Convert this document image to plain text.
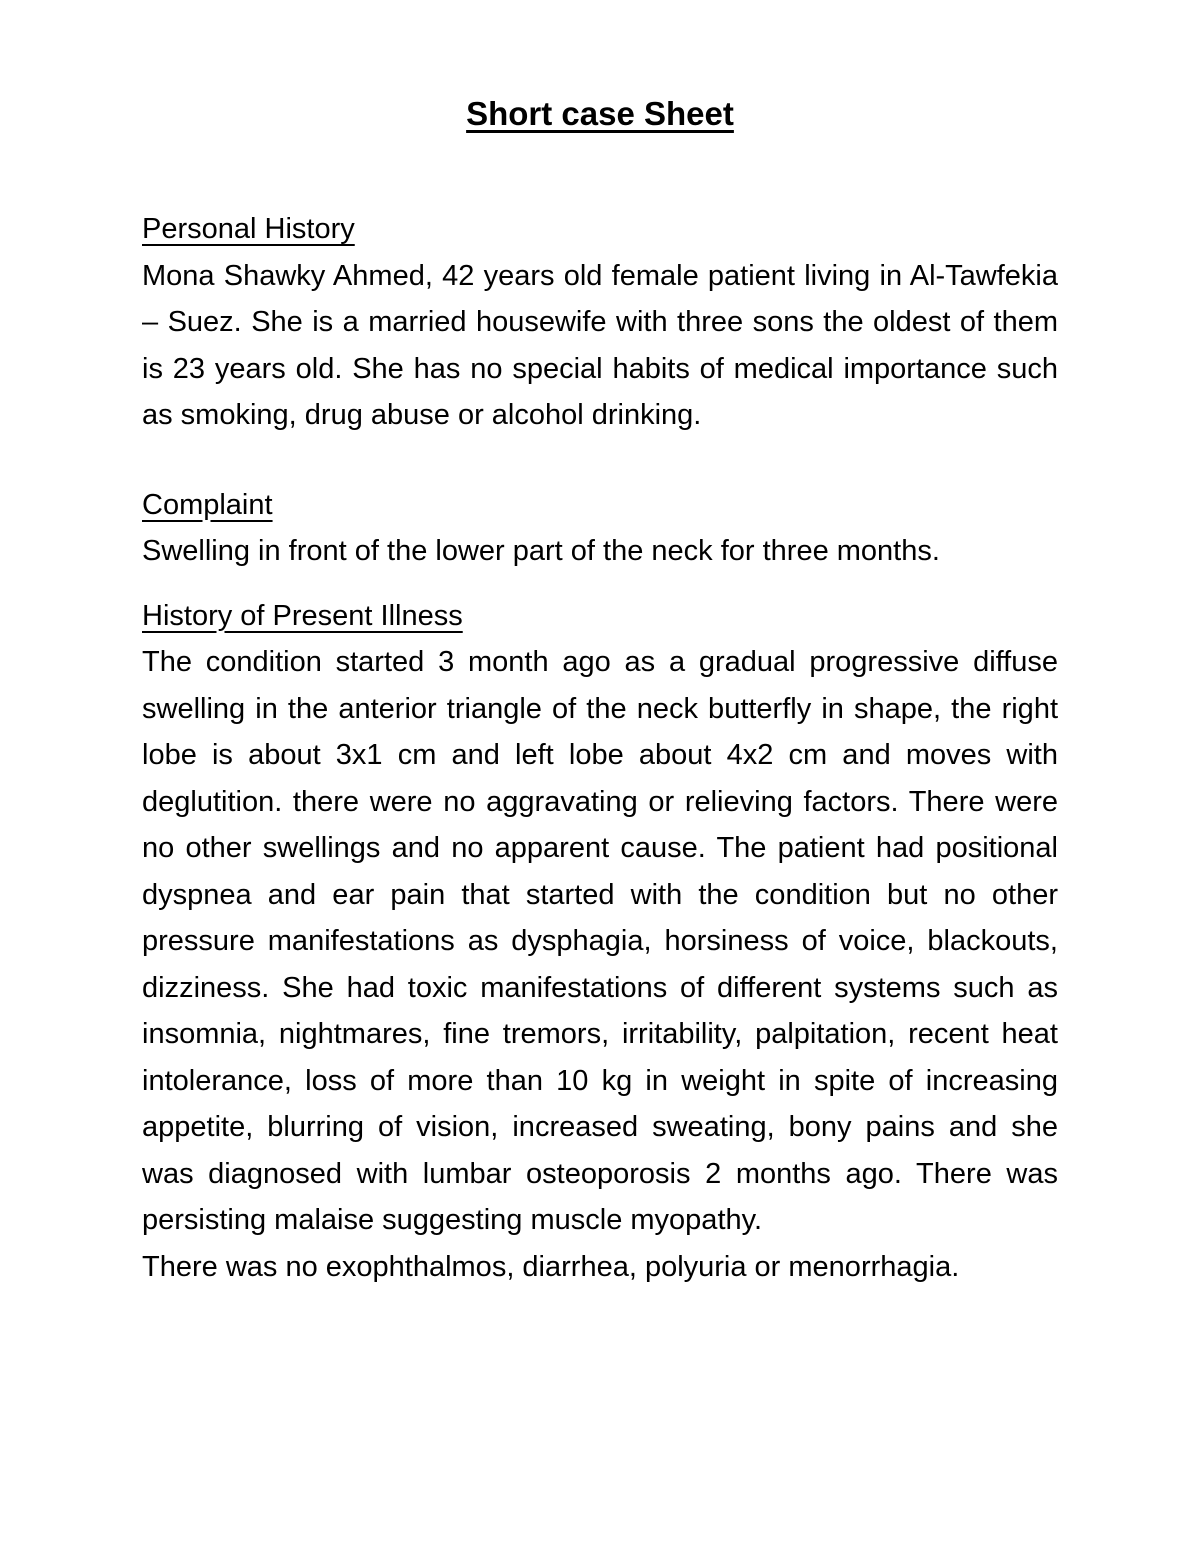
Short case Sheet
Personal History

Mona Shawky Ahmed, 42 years old female patient living in Al-Tawfekia – Suez. She is a married housewife with three sons the oldest of them is 23 years old. She has no special habits of medical importance such as smoking, drug abuse or alcohol drinking.

Complaint

Swelling in front of the lower part of the neck for three months.

History of Present Illness

The condition started 3 month ago as a gradual progressive diffuse swelling in the anterior triangle of the neck butterfly in shape, the right lobe is about 3x1 cm and left lobe about 4x2 cm and moves with deglutition. there were no aggravating or relieving factors. There were no other swellings and no apparent cause. The patient had positional dyspnea and ear pain that started with the condition but no other pressure manifestations as dysphagia, horsiness of voice, blackouts, dizziness. She had toxic manifestations of different systems such as insomnia, nightmares, fine tremors, irritability, palpitation, recent heat intolerance, loss of more than 10 kg in weight in spite of increasing appetite, blurring of vision, increased sweating, bony pains and she was diagnosed with lumbar osteoporosis 2 months ago. There was persisting malaise suggesting muscle myopathy.

There was no exophthalmos, diarrhea, polyuria or menorrhagia.
